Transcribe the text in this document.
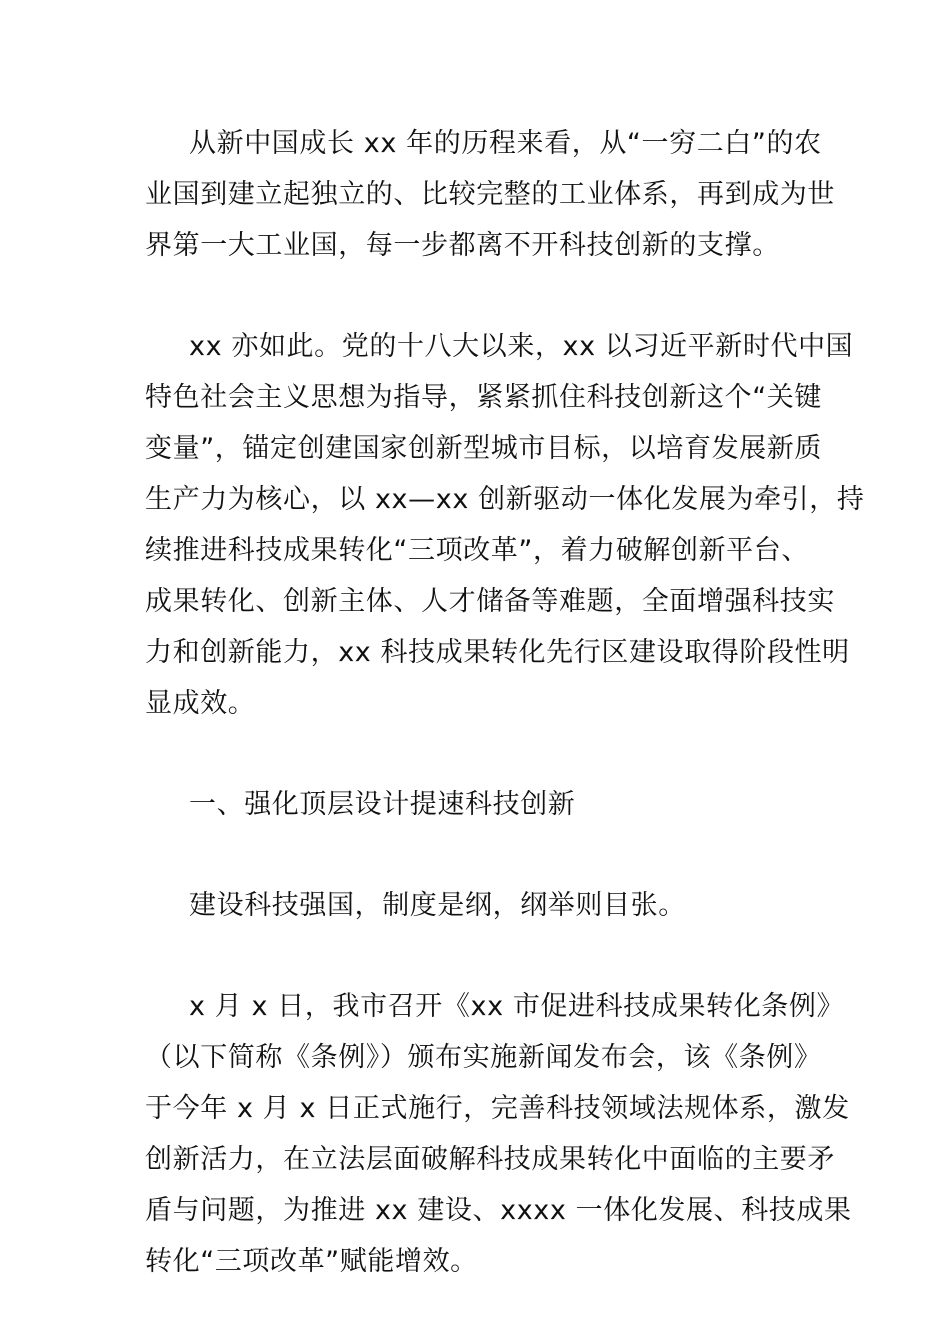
从新中国成长 xx 年的历程来看，从“一穷二白”的农
业国到建立起独立的、比较完整的工业体系，再到成为世
界第一大工业国，每一步都离不开科技创新的支撑。
xx 亦如此。党的十八大以来，xx 以习近平新时代中国
特色社会主义思想为指导，紧紧抓住科技创新这个“关键
变量”，锚定创建国家创新型城市目标，以培育发展新质
生产力为核心，以 xx—xx 创新驱动一体化发展为牵引，持
续推进科技成果转化“三项改革”，着力破解创新平台、
成果转化、创新主体、人才储备等难题，全面增强科技实
力和创新能力，xx 科技成果转化先行区建设取得阶段性明
显成效。
一、强化顶层设计提速科技创新
建设科技强国，制度是纲，纲举则目张。
x 月 x 日，我市召开《xx 市促进科技成果转化条例》
（以下简称《条例》）颁布实施新闻发布会，该《条例》
于今年 x 月 x 日正式施行，完善科技领域法规体系，激发
创新活力，在立法层面破解科技成果转化中面临的主要矛
盾与问题，为推进 xx 建设、xxxx 一体化发展、科技成果
转化“三项改革”赋能增效。
